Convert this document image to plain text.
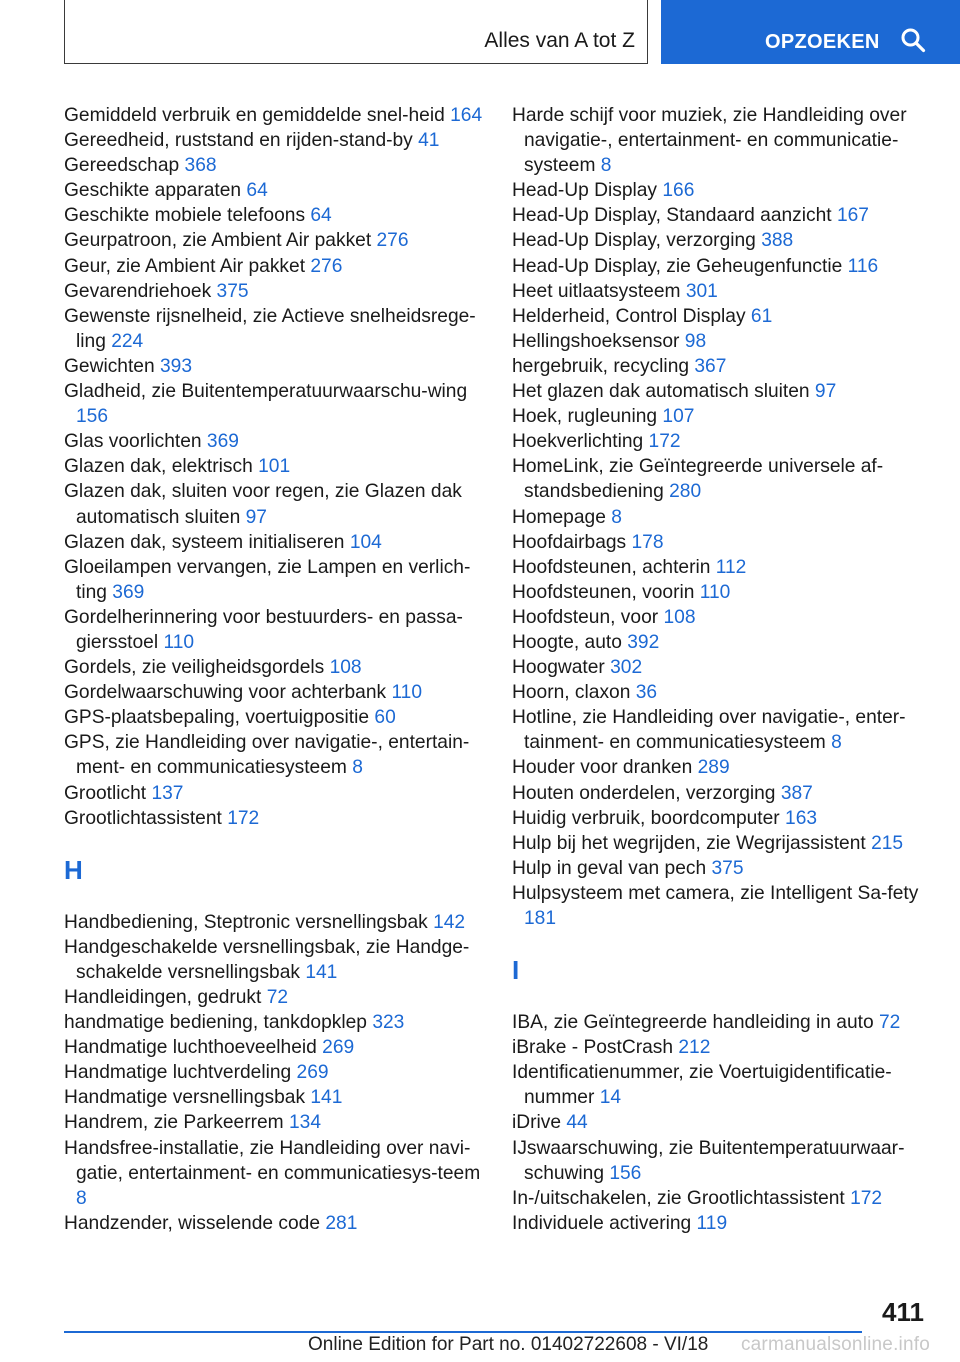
Alles van A tot Z	OPZOEKEN
Gemiddeld verbruik en gemiddelde snel-heid 164
Gereedheid, ruststand en rijden-stand-by 41
Gereedschap 368
Geschikte apparaten 64
Geschikte mobiele telefoons 64
Geurpatroon, zie Ambient Air pakket 276
Geur, zie Ambient Air pakket 276
Gevarendriehoek 375
Gewenste rijsnelheid, zie Actieve snelheidsrege-ling 224
Gewichten 393
Gladheid, zie Buitentemperatuurwaarschu-wing 156
Glas voorlichten 369
Glazen dak, elektrisch 101
Glazen dak, sluiten voor regen, zie Glazen dak automatisch sluiten 97
Glazen dak, systeem initialiseren 104
Gloeilampen vervangen, zie Lampen en verlich-ting 369
Gordelherinnering voor bestuurders- en passa-giersstoel 110
Gordels, zie veiligheidsgordels 108
Gordelwaarschuwing voor achterbank 110
GPS-plaatsbepaling, voertuigpositie 60
GPS, zie Handleiding over navigatie-, entertain-ment- en communicatiesysteem 8
Grootlicht 137
Grootlichtassistent 172
H
Handbediening, Steptronic versnellingsbak 142
Handgeschakelde versnellingsbak, zie Handge-schakelde versnellingsbak 141
Handleidingen, gedrukt 72
handmatige bediening, tankdopklep 323
Handmatige luchthoeveelheid 269
Handmatige luchtverdeling 269
Handmatige versnellingsbak 141
Handrem, zie Parkeerrem 134
Handsfree-installatie, zie Handleiding over navi-gatie, entertainment- en communicatiesys-teem 8
Handzender, wisselende code 281
Harde schijf voor muziek, zie Handleiding over navigatie-, entertainment- en communicatie-systeem 8
Head-Up Display 166
Head-Up Display, Standaard aanzicht 167
Head-Up Display, verzorging 388
Head-Up Display, zie Geheugenfunctie 116
Heet uitlaatsysteem 301
Helderheid, Control Display 61
Hellingshoeksensor 98
hergebruik, recycling 367
Het glazen dak automatisch sluiten 97
Hoek, rugleuning 107
Hoekverlichting 172
HomeLink, zie Geïntegreerde universele af-standsbediening 280
Homepage 8
Hoofdairbags 178
Hoofdsteunen, achterin 112
Hoofdsteunen, voorin 110
Hoofdsteun, voor 108
Hoogte, auto 392
Hoogwater 302
Hoorn, claxon 36
Hotline, zie Handleiding over navigatie-, enter-tainment- en communicatiesysteem 8
Houder voor dranken 289
Houten onderdelen, verzorging 387
Huidig verbruik, boordcomputer 163
Hulp bij het wegrijden, zie Wegrijassistent 215
Hulp in geval van pech 375
Hulpsysteem met camera, zie Intelligent Sa-fety 181
I
IBA, zie Geïntegreerde handleiding in auto 72
iBrake - PostCrash 212
Identificatienummer, zie Voertuigidentificatie-nummer 14
iDrive 44
IJswaarschuwing, zie Buitentemperatuurwaar-schuwing 156
In-/uitschakelen, zie Grootlichtassistent 172
Individuele activering 119
411
Online Edition for Part no. 01402722608 - VI/18 carmanualsonline.info
